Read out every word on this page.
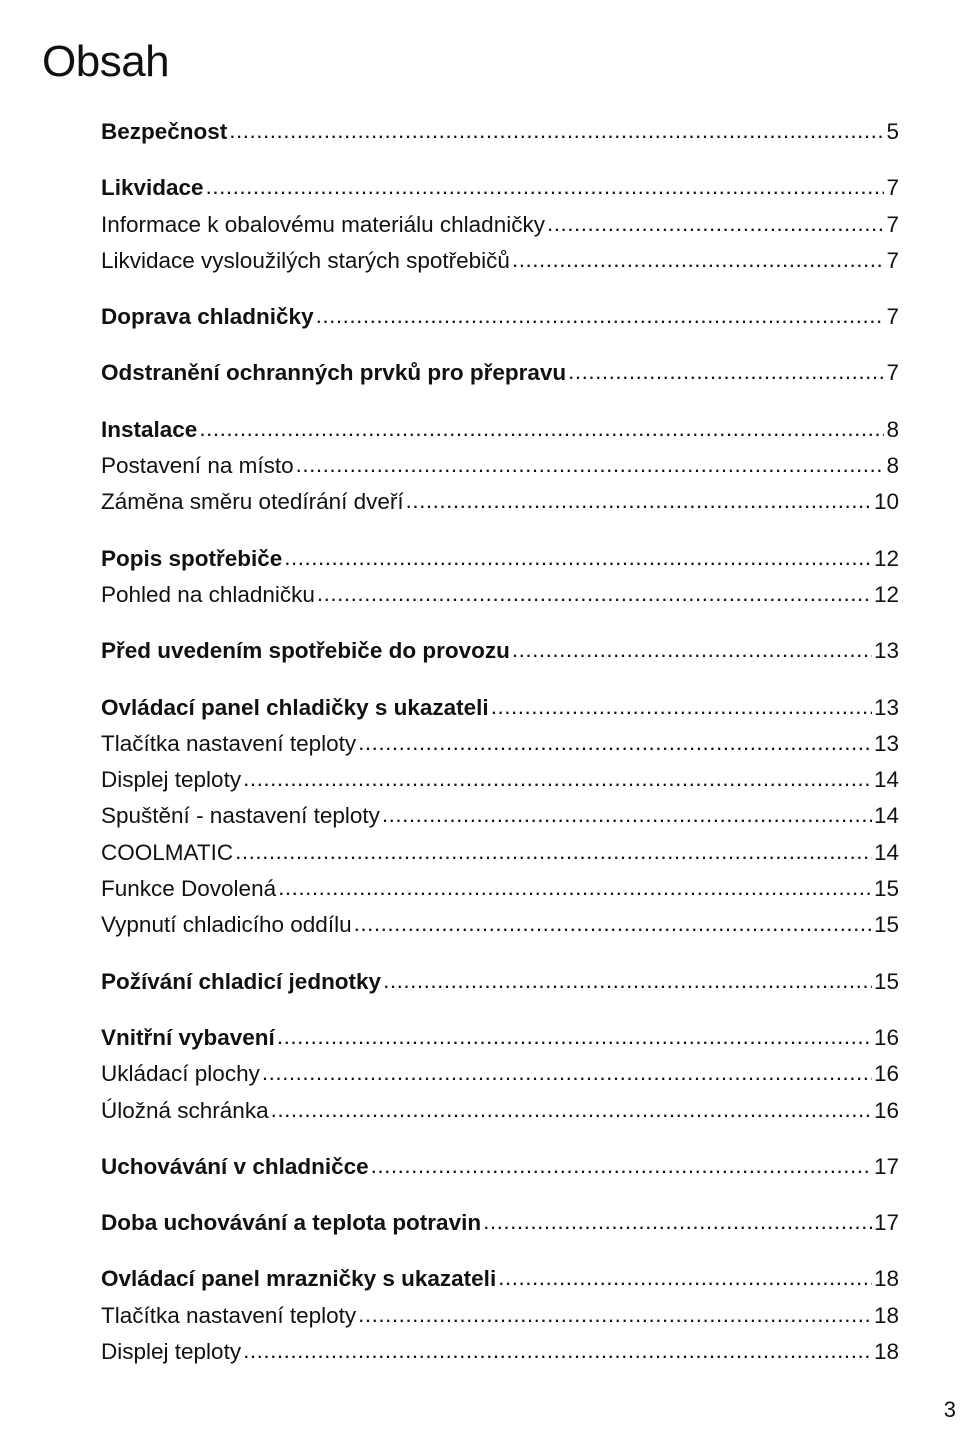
Obsah
Bezpečnost .....	5
Likvidace .....	7
Informace k obalovému materiálu chladničky .....	7
Likvidace vysloužilých starých spotřebičů .....	7
Doprava chladničky .....	7
Odstranění ochranných prvků pro přepravu .....	7
Instalace .....	8
Postavení na místo .....	8
Záměna směru otedírání dveří .....	10
Popis spotřebiče .....	12
Pohled na chladničku .....	12
Před uvedením spotřebiče do provozu .....	13
Ovládací panel chladičky s ukazateli .....	13
Tlačítka nastavení teploty .....	13
Displej teploty .....	14
Spuštění - nastavení teploty .....	14
COOLMATIC .....	14
Funkce Dovolená .....	15
Vypnutí chladicího oddílu .....	15
Požívání chladicí jednotky .....	15
Vnitřní vybavení .....	16
Ukládací plochy .....	16
Úložná schránka .....	16
Uchovávání v chladničce .....	17
Doba uchovávání a teplota potravin .....	17
Ovládací panel mrazničky s ukazateli .....	18
Tlačítka nastavení teploty .....	18
Displej teploty .....	18
3
